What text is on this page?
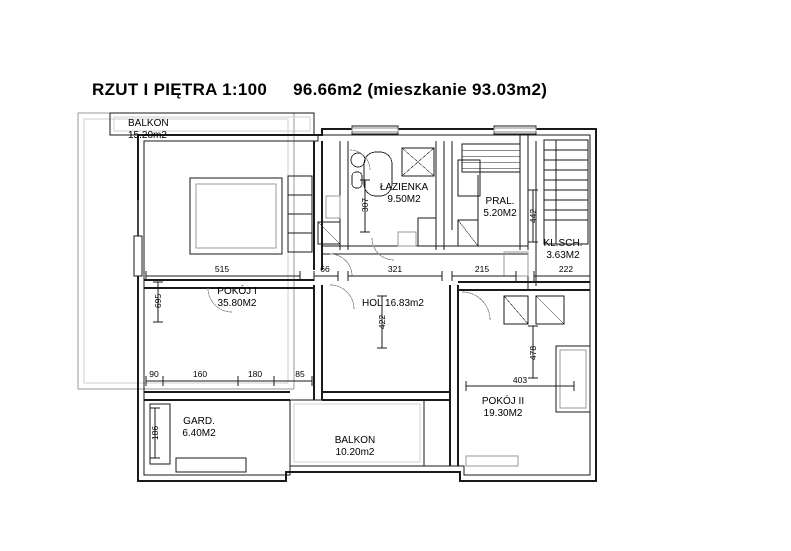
RZUT I PIĘTRA 1:100 96.66m2 (mieszkanie 93.03m2)
BALKON
15.20m2
ŁAZIENKA
9.50M2	PRAL.
5.20M2
KL.SCH.
3.63M2
POKÓJ I
35.80M2	HOL 16.83m2
POKÓJ II
19.30M2
GARD.
6.40M2
BALKON
10.20m2
515	66	321	215	222
307
442
695
422
478
90	160	180	85
403
186
